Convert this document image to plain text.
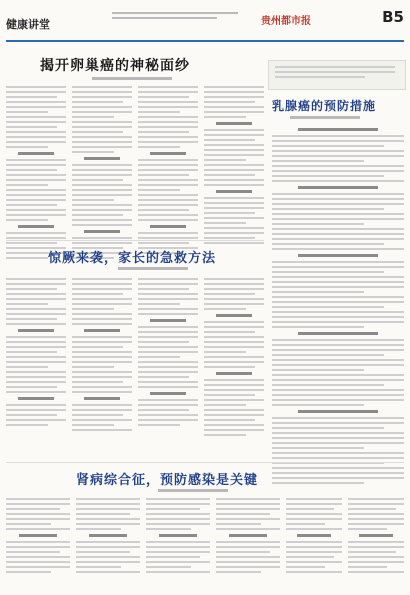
健康讲堂	贵州都市报	B5
揭开卵巢癌的神秘面纱
乳腺癌的预防措施
惊厥来袭，家长的急救方法
肾病综合征，预防感染是关键
